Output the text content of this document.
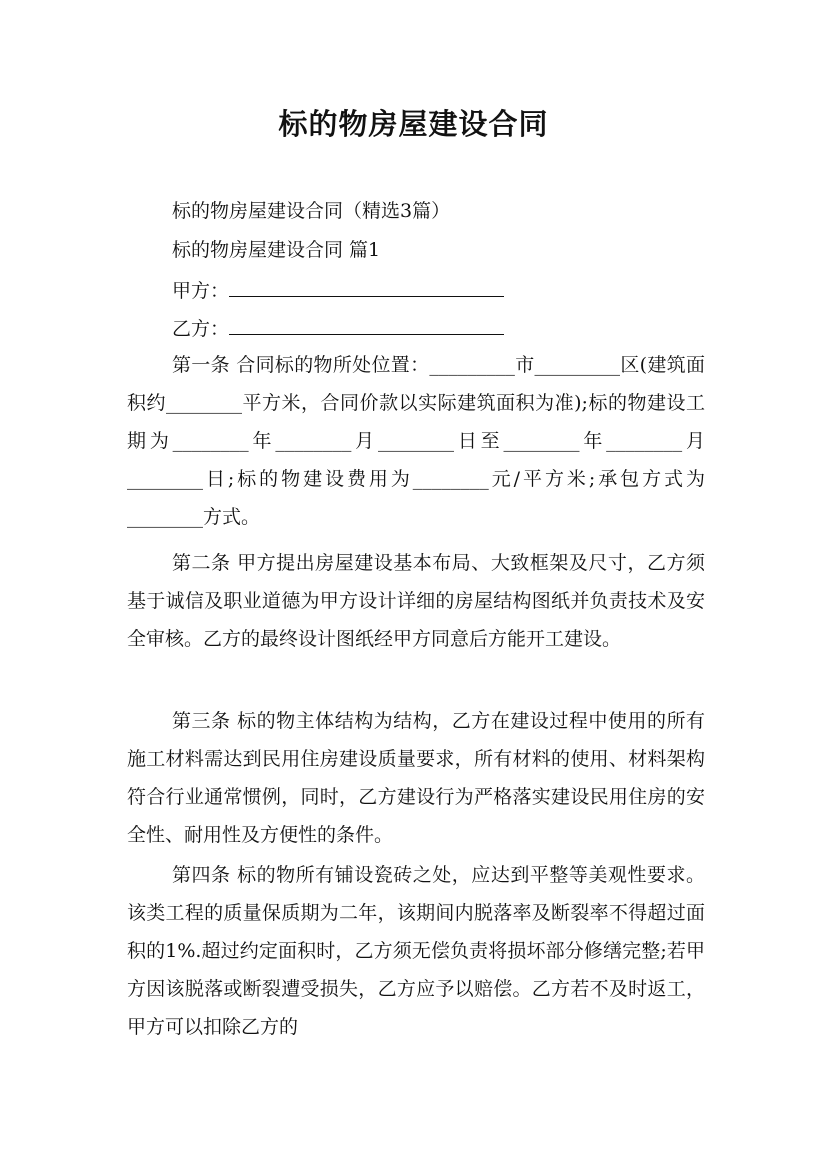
标的物房屋建设合同
标的物房屋建设合同（精选3篇）
标的物房屋建设合同 篇1
甲方：
乙方：

第一条 合同标的物所处位置：_________市_________区(建筑面积约________平方米，合同价款以实际建筑面积为准);标的物建设工期为________年________月________日至________年________月________日;标的物建设费用为________元/平方米;承包方式为________方式。

第二条 甲方提出房屋建设基本布局、大致框架及尺寸，乙方须基于诚信及职业道德为甲方设计详细的房屋结构图纸并负责技术及安全审核。乙方的最终设计图纸经甲方同意后方能开工建设。

第三条 标的物主体结构为结构，乙方在建设过程中使用的所有施工材料需达到民用住房建设质量要求，所有材料的使用、材料架构符合行业通常惯例，同时，乙方建设行为严格落实建设民用住房的安全性、耐用性及方便性的条件。

第四条 标的物所有铺设瓷砖之处，应达到平整等美观性要求。该类工程的质量保质期为二年，该期间内脱落率及断裂率不得超过面积的1%.超过约定面积时，乙方须无偿负责将损坏部分修缮完整;若甲方因该脱落或断裂遭受损失，乙方应予以赔偿。乙方若不及时返工，甲方可以扣除乙方的
